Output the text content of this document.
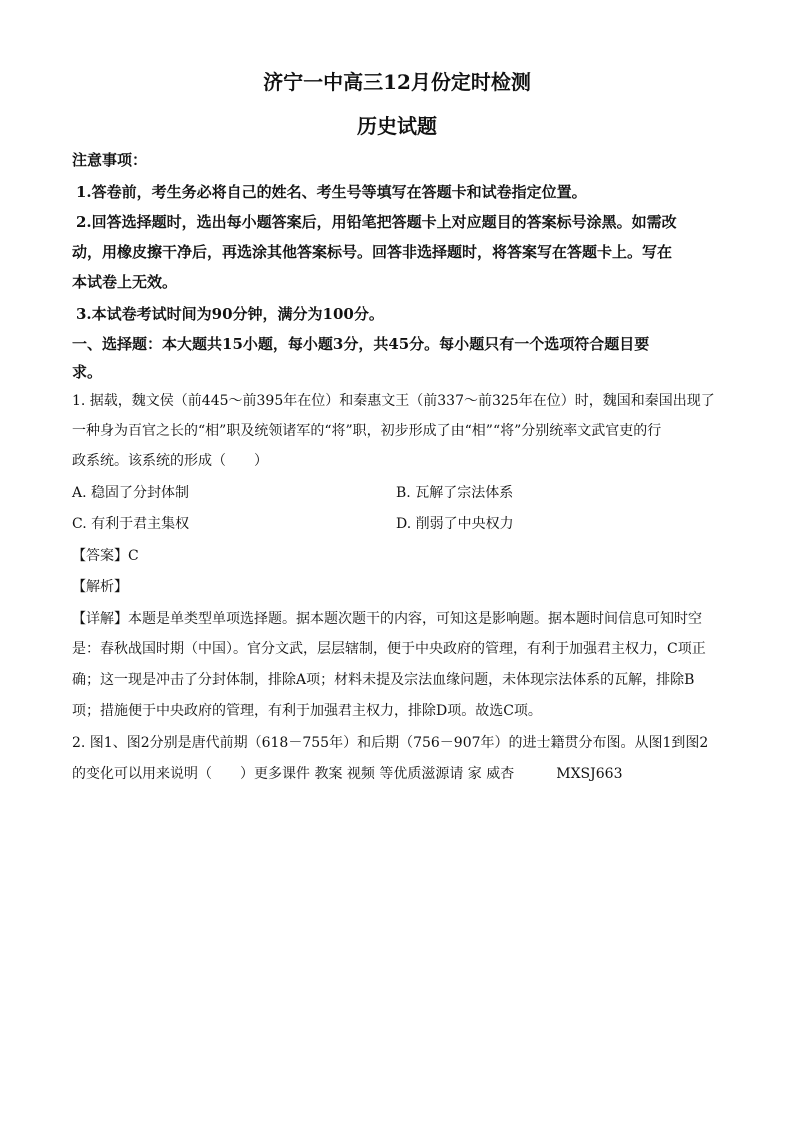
济宁一中高三12月份定时检测
历史试题
注意事项：
1.答卷前，考生务必将自己的姓名、考生号等填写在答题卡和试卷指定位置。
2.回答选择题时，选出每小题答案后，用铅笔把答题卡上对应题目的答案标号涂黑。如需改
动，用橡皮擦干净后，再选涂其他答案标号。回答非选择题时，将答案写在答题卡上。写在
本试卷上无效。
3.本试卷考试时间为90分钟，满分为100分。
一、选择题：本大题共15小题，每小题3分，共45分。每小题只有一个选项符合题目要
求。
1. 据载，魏文侯（前445～前395年在位）和秦惠文王（前337～前325年在位）时，魏国和秦国出现了
一种身为百官之长的“相”职及统领诸军的“将”职，初步形成了由“相”“将”分别统率文武官吏的行
政系统。该系统的形成（　　）
A. 稳固了分封体制	B. 瓦解了宗法体系
C. 有利于君主集权	D. 削弱了中央权力
【答案】C
【解析】
【详解】本题是单类型单项选择题。据本题次题干的内容，可知这是影响题。据本题时间信息可知时空
是：春秋战国时期（中国）。官分文武，层层辖制，便于中央政府的管理，有利于加强君主权力，C项正
确；这一现是冲击了分封体制，排除A项；材料未提及宗法血缘问题，未体现宗法体系的瓦解，排除B
项；措施便于中央政府的管理，有利于加强君主权力，排除D项。故选C项。
2. 图1、图2分别是唐代前期（618－755年）和后期（756－907年）的进士籍贯分布图。从图1到图2
的变化可以用来说明（　　）更多课件 教案 视频 等优质滋源请 家 威杏　　　MXSJ663
